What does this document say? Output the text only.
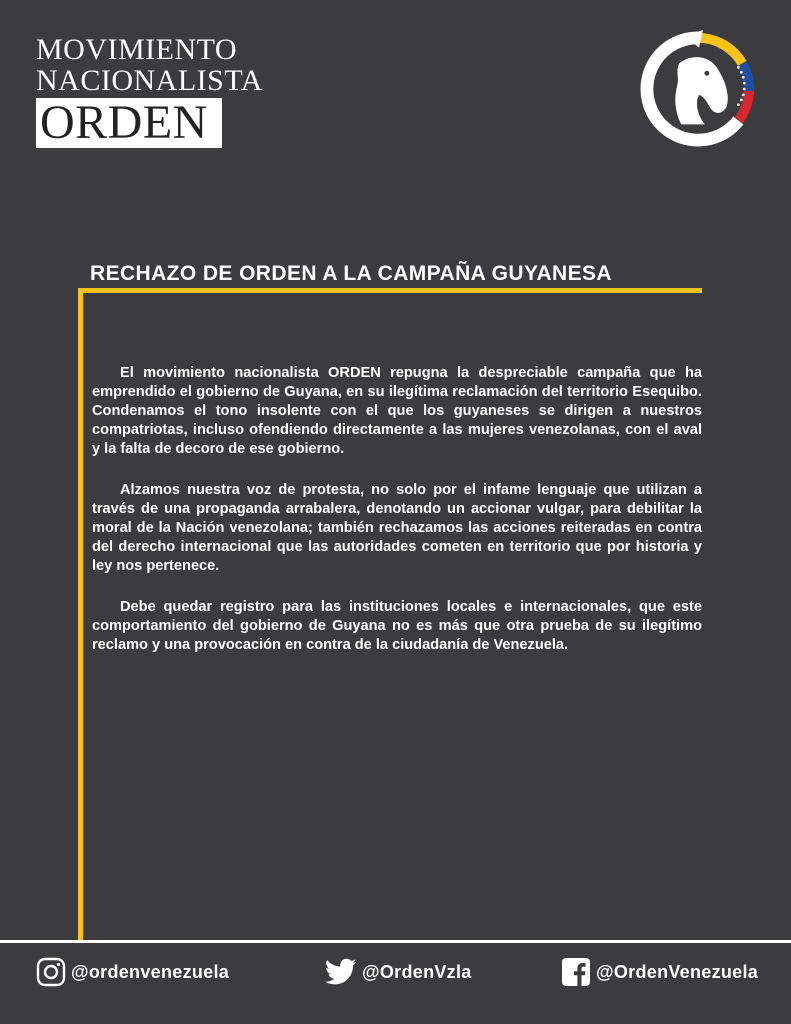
MOVIMIENTO
NACIONALISTA
ORDEN
RECHAZO DE ORDEN A LA CAMPAÑA GUYANESA

El movimiento nacionalista ORDEN repugna la despreciable campaña que ha emprendido el gobierno de Guyana, en su ilegítima reclamación del territorio Esequibo. Condenamos el tono insolente con el que los guyaneses se dirigen a nuestros compatriotas, incluso ofendiendo directamente a las mujeres venezolanas, con el aval y la falta de decoro de ese gobierno.

Alzamos nuestra voz de protesta, no solo por el infame lenguaje que utilizan a través de una propaganda arrabalera, denotando un accionar vulgar, para debilitar la moral de la Nación venezolana; también rechazamos las acciones reiteradas en contra del derecho internacional que las autoridades cometen en territorio que por historia y ley nos pertenece.

Debe quedar registro para las instituciones locales e internacionales, que este comportamiento del gobierno de Guyana no es más que otra prueba de su ilegítimo reclamo y una provocación en contra de la ciudadanía de Venezuela.

@ordenvenezuela	@OrdenVzla	@OrdenVenezuela
